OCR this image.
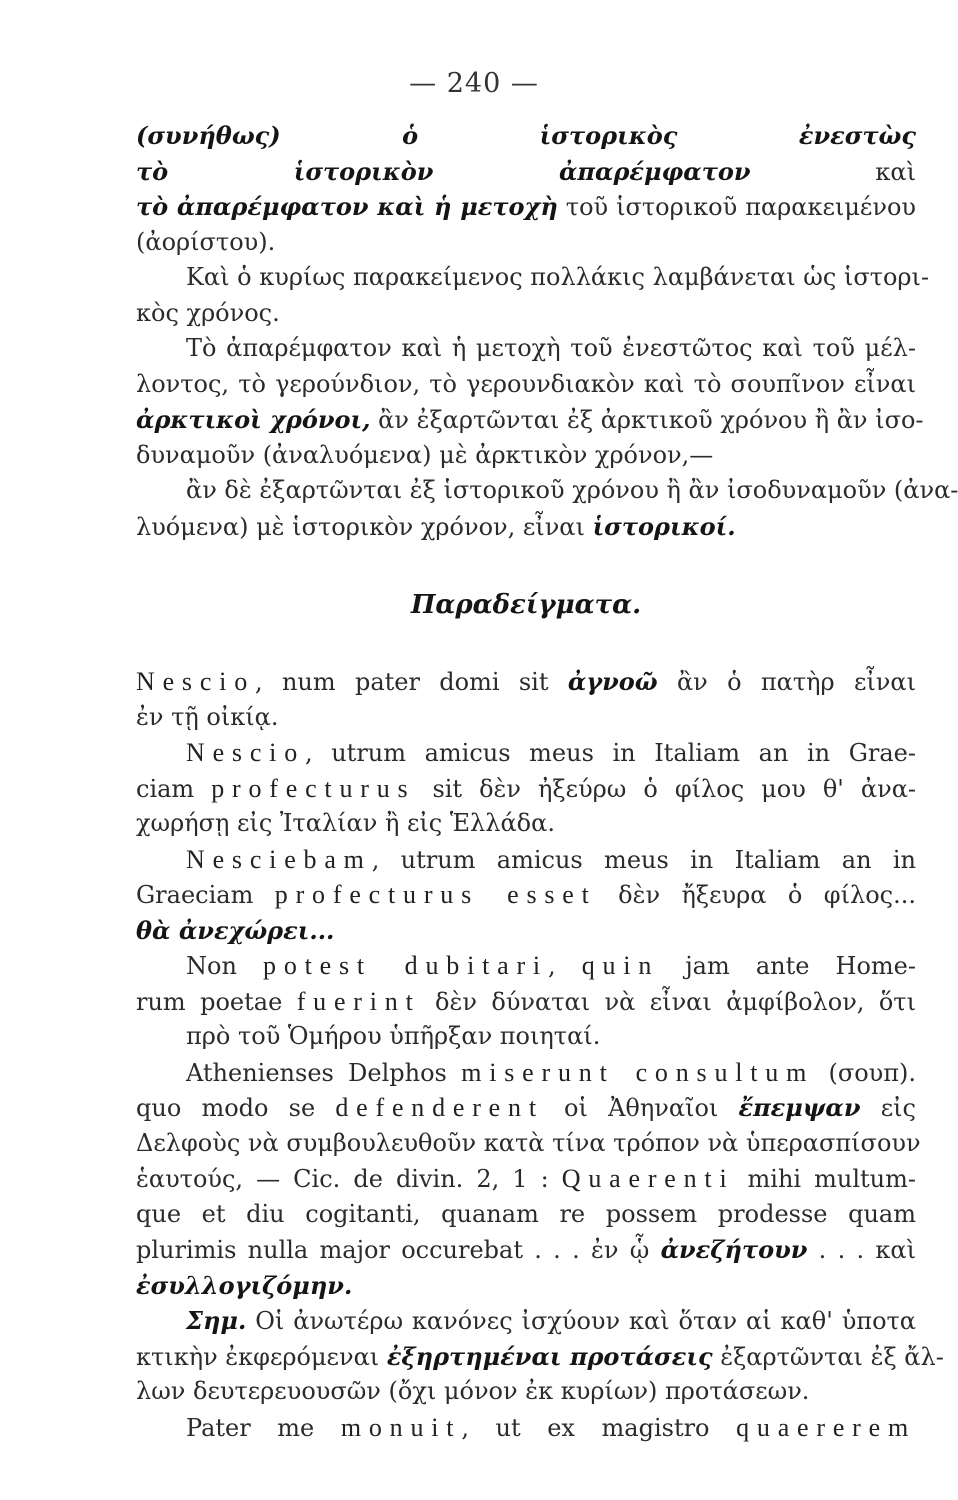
— 240 —
(συνήθως) ὁ ἱστορικὸς ἐνεστὼς
τὸ ἱστορικὸν ἀπαρέμφατον καὶ
τὸ ἀπαρέμφατον καὶ ἡ μετοχὴ τοῦ ἱστορικοῦ παρακειμένου
(ἀορίστου).
Καὶ ὁ κυρίως παρακείμενος πολλάκις λαμβάνεται ὡς ἱστορι-
κὸς χρόνος.
Τὸ ἀπαρέμφατον καὶ ἡ μετοχὴ τοῦ ἐνεστῶτος καὶ τοῦ μέλ-
λοντος, τὸ γερούνδιον, τὸ γερουνδιακὸν καὶ τὸ σουπῖνον εἶναι
ἀρκτικοὶ χρόνοι, ἂν ἐξαρτῶνται ἐξ ἀρκτικοῦ χρόνου ἢ ἂν ἰσο-
δυναμοῦν (ἀναλυόμενα) μὲ ἀρκτικὸν χρόνον,—
ἂν δὲ ἐξαρτῶνται ἐξ ἱστορικοῦ χρόνου ἢ ἂν ἰσοδυναμοῦν (ἀνα-
λυόμενα) μὲ ἱστορικὸν χρόνον, εἶναι ἱστορικοί.
Παραδείγματα.
Nescio, num pater domi sit ἀγνοῶ ἂν ὁ πατὴρ εἶναι
ἐν τῇ οἰκίᾳ.
Nescio, utrum amicus meus in Italiam an in Grae-
ciam profecturus sit δὲν ἠξεύρω ὁ φίλος μου θ' ἀνα-
χωρήσῃ εἰς Ἰταλίαν ἢ εἰς Ἑλλάδα.
Nesciebam, utrum amicus meus in Italiam an in
Graeciam profecturus esset δὲν ἤξευρα ὁ φίλος...
θὰ ἀνεχώρει...
Non potest dubitari, quin jam ante Home-
rum poetae fuerint δὲν δύναται νὰ εἶναι ἀμφίβολον, ὅτι
πρὸ τοῦ Ὁμήρου ὑπῆρξαν ποιηταί.
Athenienses Delphos miserunt consultum (σουπ).
quo modo se defenderent οἱ Ἀθηναῖοι ἔπεμψαν εἰς
Δελφοὺς νὰ συμβουλευθοῦν κατὰ τίνα τρόπον νὰ ὑπερασπίσουν
ἑαυτούς, — Cic. de divin. 2, 1 : Quaerenti mihi multum-
que et diu cogitanti, quanam re possem prodesse quam
plurimis nulla major occurebat . . . ἐν ᾧ ἀνεζήτουν . . . καὶ
ἐσυλλογιζόμην.
Σημ. Οἱ ἀνωτέρω κανόνες ἰσχύουν καὶ ὅταν αἱ καθ' ὑποτα
κτικὴν ἐκφερόμεναι ἐξηρτημέναι προτάσεις ἐξαρτῶνται ἐξ ἄλ-
λων δευτερευουσῶν (ὄχι μόνον ἐκ κυρίων) προτάσεων.
Pater me monuit, ut ex magistro quaererem
